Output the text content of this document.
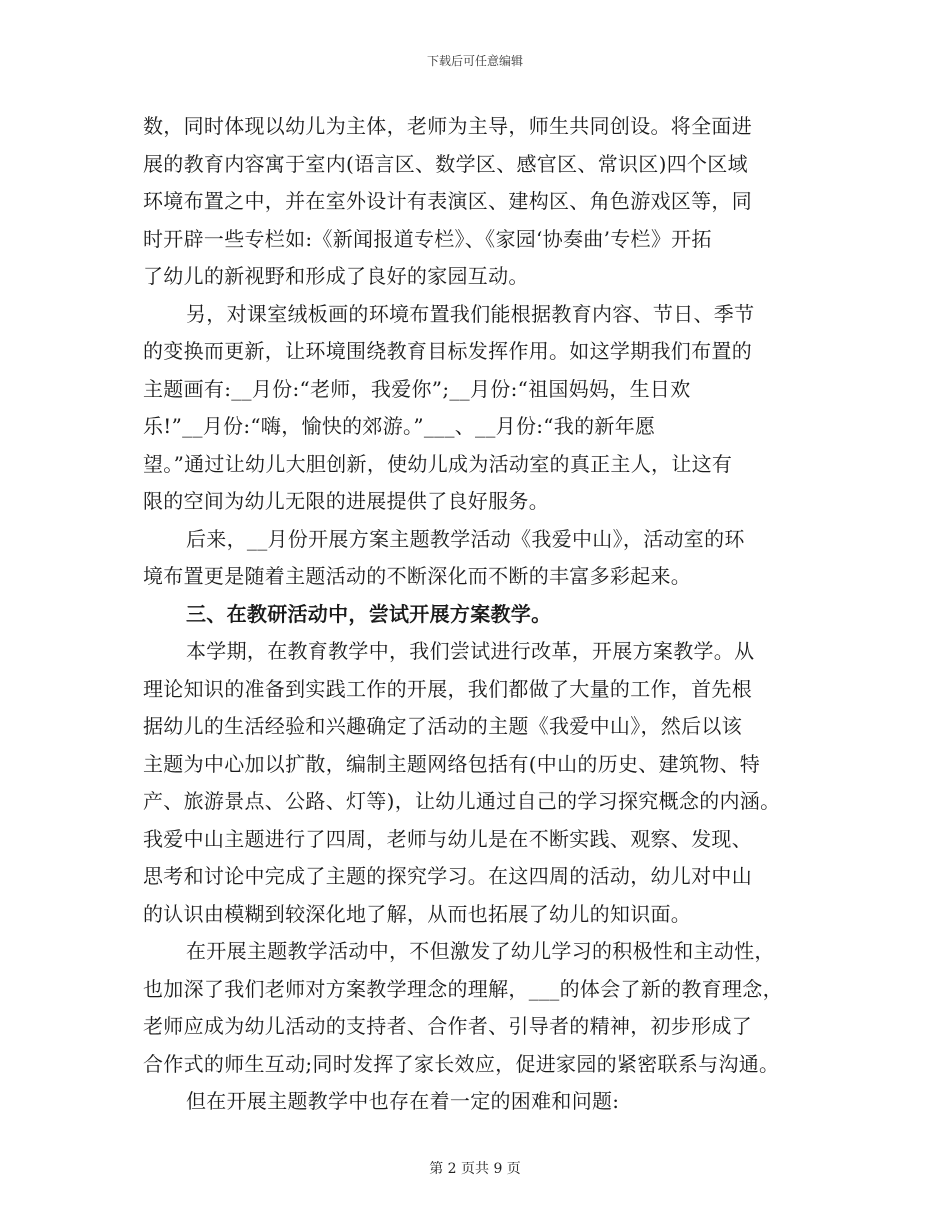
下载后可任意编辑
数，同时体现以幼儿为主体，老师为主导，师生共同创设。将全面进
展的教育内容寓于室内(语言区、数学区、感官区、常识区)四个区域
环境布置之中，并在室外设计有表演区、建构区、角色游戏区等，同
时开辟一些专栏如:《新闻报道专栏》、《家园‘协奏曲’专栏》开拓
了幼儿的新视野和形成了良好的家园互动。
另，对课室绒板画的环境布置我们能根据教育内容、节日、季节
的变换而更新，让环境围绕教育目标发挥作用。如这学期我们布置的
主题画有:__月份:“老师，我爱你”;__月份:“祖国妈妈，生日欢
乐!”__月份:“嗨，愉快的郊游。”___、__月份:“我的新年愿
望。”通过让幼儿大胆创新，使幼儿成为活动室的真正主人，让这有
限的空间为幼儿无限的进展提供了良好服务。
后来，__月份开展方案主题教学活动《我爱中山》，活动室的环
境布置更是随着主题活动的不断深化而不断的丰富多彩起来。
三、在教研活动中，尝试开展方案教学。
本学期，在教育教学中，我们尝试进行改革，开展方案教学。从
理论知识的准备到实践工作的开展，我们都做了大量的工作，首先根
据幼儿的生活经验和兴趣确定了活动的主题《我爱中山》，然后以该
主题为中心加以扩散，编制主题网络包括有(中山的历史、建筑物、特
产、旅游景点、公路、灯等)，让幼儿通过自己的学习探究概念的内涵。
我爱中山主题进行了四周，老师与幼儿是在不断实践、观察、发现、
思考和讨论中完成了主题的探究学习。在这四周的活动，幼儿对中山
的认识由模糊到较深化地了解，从而也拓展了幼儿的知识面。
在开展主题教学活动中，不但激发了幼儿学习的积极性和主动性，
也加深了我们老师对方案教学理念的理解，___的体会了新的教育理念，
老师应成为幼儿活动的支持者、合作者、引导者的精神，初步形成了
合作式的师生互动;同时发挥了家长效应，促进家园的紧密联系与沟通。
但在开展主题教学中也存在着一定的困难和问题:
第 2 页共 9 页
